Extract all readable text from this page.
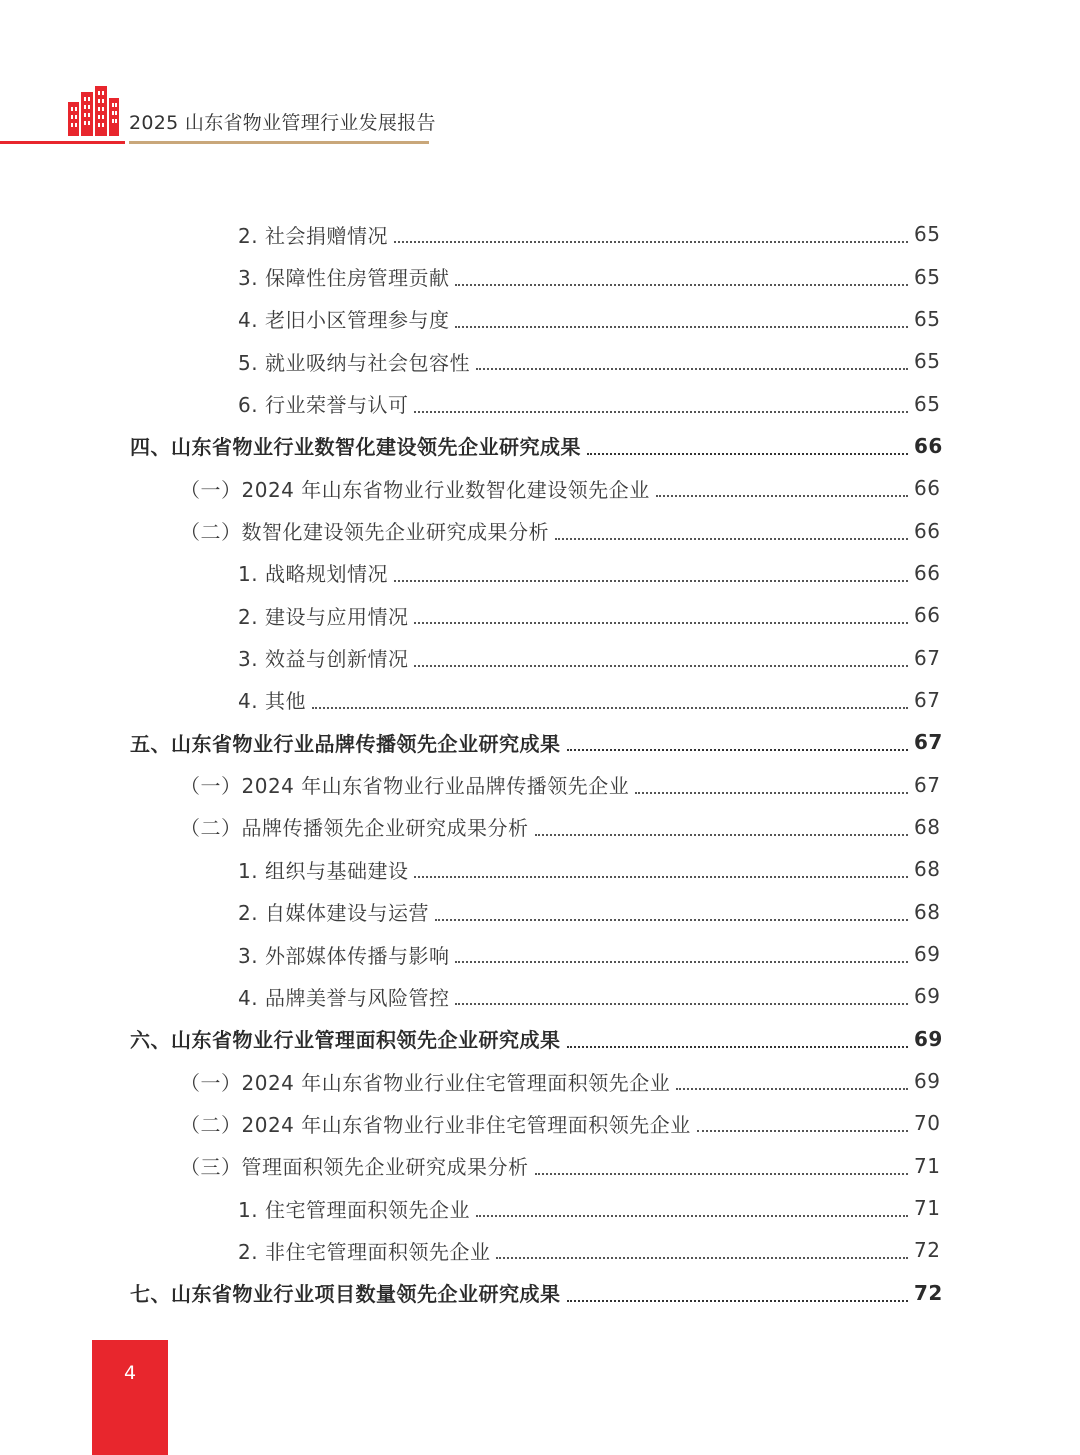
2025 山东省物业管理行业发展报告
2. 社会捐赠情况	65
3. 保障性住房管理贡献	65
4. 老旧小区管理参与度	65
5. 就业吸纳与社会包容性	65
6. 行业荣誉与认可	65
四、山东省物业行业数智化建设领先企业研究成果	66
（一）2024 年山东省物业行业数智化建设领先企业	66
（二）数智化建设领先企业研究成果分析	66
1. 战略规划情况	66
2. 建设与应用情况	66
3. 效益与创新情况	67
4. 其他	67
五、山东省物业行业品牌传播领先企业研究成果	67
（一）2024 年山东省物业行业品牌传播领先企业	67
（二）品牌传播领先企业研究成果分析	68
1. 组织与基础建设	68
2. 自媒体建设与运营	68
3. 外部媒体传播与影响	69
4. 品牌美誉与风险管控	69
六、山东省物业行业管理面积领先企业研究成果	69
（一）2024 年山东省物业行业住宅管理面积领先企业	69
（二）2024 年山东省物业行业非住宅管理面积领先企业	70
（三）管理面积领先企业研究成果分析	71
1. 住宅管理面积领先企业	71
2. 非住宅管理面积领先企业	72
七、山东省物业行业项目数量领先企业研究成果	72
4
